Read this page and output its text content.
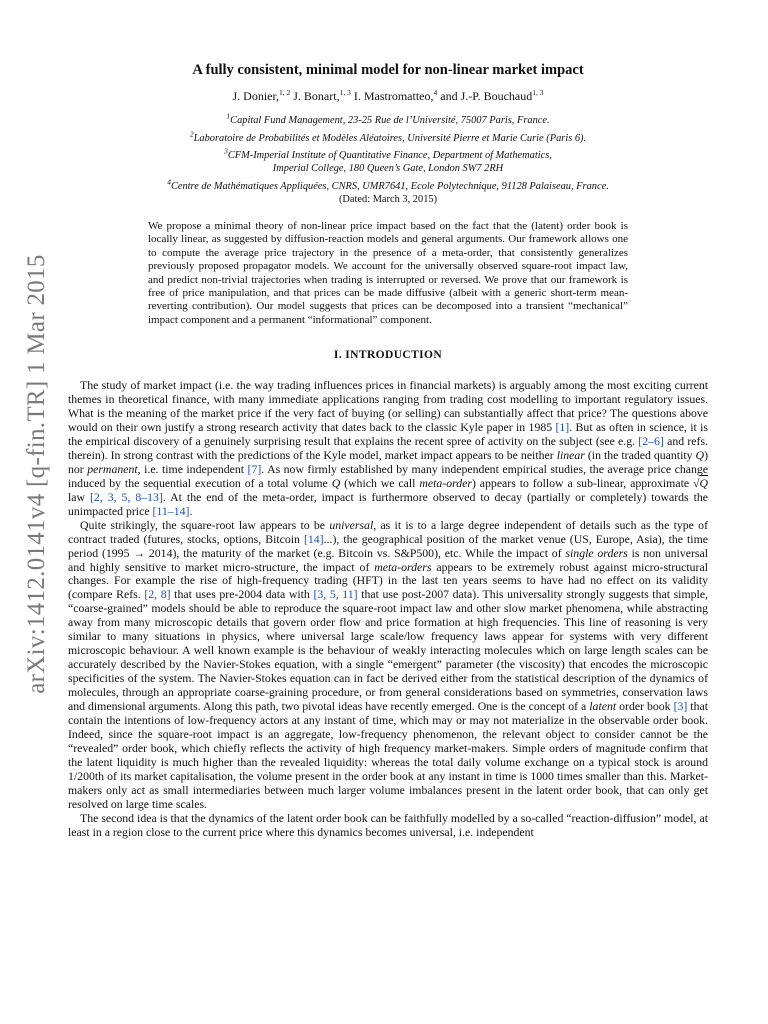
arXiv:1412.0141v4 [q-fin.TR] 1 Mar 2015
A fully consistent, minimal model for non-linear market impact

J. Donier,$^{1, 2}$ J. Bonart,$^{1, 3}$ I. Mastromatteo,$^4$ and J.-P. Bouchaud$^{1, 3}$

$^1$Capital Fund Management, 23-25 Rue de l’Université, 75007 Paris, France.
$^2$Laboratoire de Probabilités et Modèles Aléatoires, Université Pierre et Marie Curie (Paris 6).
$^3$CFM-Imperial Institute of Quantitative Finance, Department of Mathematics,
Imperial College, 180 Queen’s Gate, London SW7 2RH
$^4$Centre de Mathématiques Appliquées, CNRS, UMR7641, Ecole Polytechnique, 91128 Palaiseau, France.

(Dated: March 3, 2015)

We propose a minimal theory of non-linear price impact based on the fact that the (latent) order book is locally linear, as suggested by diffusion-reaction models and general arguments. Our framework allows one to compute the average price trajectory in the presence of a meta-order, that consistently generalizes previously proposed propagator models. We account for the universally observed square-root impact law, and predict non-trivial trajectories when trading is interrupted or reversed. We prove that our framework is free of price manipulation, and that prices can be made diffusive (albeit with a generic short-term mean-reverting contribution). Our model suggests that prices can be decomposed into a transient “mechanical” impact component and a permanent “informational” component.

I. INTRODUCTION

The study of market impact (i.e. the way trading influences prices in financial markets) is arguably among the most exciting current themes in theoretical finance, with many immediate applications ranging from trading cost modelling to important regulatory issues. What is the meaning of the market price if the very fact of buying (or selling) can substantially affect that price? The questions above would on their own justify a strong research activity that dates back to the classic Kyle paper in 1985 [1]. But as often in science, it is the empirical discovery of a genuinely surprising result that explains the recent spree of activity on the subject (see e.g. [2–6] and refs. therein). In strong contrast with the predictions of the Kyle model, market impact appears to be neither linear (in the traded quantity Q) nor permanent, i.e. time independent [7]. As now firmly established by many independent empirical studies, the average price change induced by the sequential execution of a total volume Q (which we call meta-order) appears to follow a sub-linear, approximate √Q law [2, 3, 5, 8–13]. At the end of the meta-order, impact is furthermore observed to decay (partially or completely) towards the unimpacted price [11–14].

Quite strikingly, the square-root law appears to be universal, as it is to a large degree independent of details such as the type of contract traded (futures, stocks, options, Bitcoin [14]...), the geographical position of the market venue (US, Europe, Asia), the time period (1995 → 2014), the maturity of the market (e.g. Bitcoin vs. S&P500), etc. While the impact of single orders is non universal and highly sensitive to market micro-structure, the impact of meta-orders appears to be extremely robust against micro-structural changes. For example the rise of high-frequency trading (HFT) in the last ten years seems to have had no effect on its validity (compare Refs. [2, 8] that uses pre-2004 data with [3, 5, 11] that use post-2007 data). This universality strongly suggests that simple, “coarse-grained” models should be able to reproduce the square-root impact law and other slow market phenomena, while abstracting away from many microscopic details that govern order flow and price formation at high frequencies. This line of reasoning is very similar to many situations in physics, where universal large scale/low frequency laws appear for systems with very different microscopic behaviour. A well known example is the behaviour of weakly interacting molecules which on large length scales can be accurately described by the Navier-Stokes equation, with a single “emergent” parameter (the viscosity) that encodes the microscopic specificities of the system. The Navier-Stokes equation can in fact be derived either from the statistical description of the dynamics of molecules, through an appropriate coarse-graining procedure, or from general considerations based on symmetries, conservation laws and dimensional arguments. Along this path, two pivotal ideas have recently emerged. One is the concept of a latent order book [3] that contain the intentions of low-frequency actors at any instant of time, which may or may not materialize in the observable order book. Indeed, since the square-root impact is an aggregate, low-frequency phenomenon, the relevant object to consider cannot be the “revealed” order book, which chiefly reflects the activity of high frequency market-makers. Simple orders of magnitude confirm that the latent liquidity is much higher than the revealed liquidity: whereas the total daily volume exchange on a typical stock is around 1/200th of its market capitalisation, the volume present in the order book at any instant in time is 1000 times smaller than this. Market-makers only act as small intermediaries between much larger volume imbalances present in the latent order book, that can only get resolved on large time scales.

The second idea is that the dynamics of the latent order book can be faithfully modelled by a so-called “reaction-diffusion” model, at least in a region close to the current price where this dynamics becomes universal, i.e. independent
